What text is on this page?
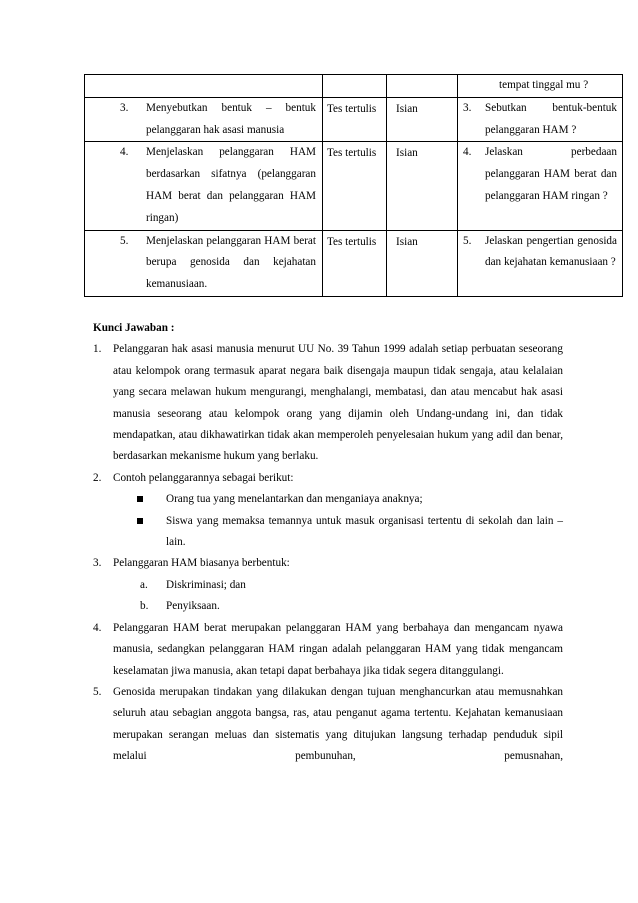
			tempat tinggal mu ?

3. Menyebutkan bentuk – bentuk pelanggaran hak asasi manusia	Tes tertulis	Isian	3. Sebutkan bentuk-bentuk pelanggaran HAM ?

4. Menjelaskan pelanggaran HAM berdasarkan sifatnya (pelanggaran HAM berat dan pelanggaran HAM ringan)	Tes tertulis	Isian	4. Jelaskan perbedaan pelanggaran HAM berat dan pelanggaran HAM ringan ?

5. Menjelaskan pelanggaran HAM berat berupa genosida dan kejahatan kemanusiaan.	Tes tertulis	Isian	5. Jelaskan pengertian genosida dan kejahatan kemanusiaan ?
Kunci Jawaban :
1.	Pelanggaran hak asasi manusia menurut UU No. 39 Tahun 1999 adalah setiap perbuatan seseorang atau kelompok orang termasuk aparat negara baik disengaja maupun tidak sengaja, atau kelalaian yang secara melawan hukum mengurangi, menghalangi, membatasi, dan atau mencabut hak asasi manusia seseorang atau kelompok orang yang dijamin oleh Undang-undang ini, dan tidak mendapatkan, atau dikhawatirkan tidak akan memperoleh penyelesaian hukum yang adil dan benar, berdasarkan mekanisme hukum yang berlaku.
2.	Contoh pelanggarannya sebagai berikut:
Orang tua yang menelantarkan dan menganiaya anaknya;
Siswa yang memaksa temannya untuk masuk organisasi tertentu di sekolah dan lain – lain.
3.	Pelanggaran HAM biasanya berbentuk:
a.	Diskriminasi; dan
b.	Penyiksaan.
4.	Pelanggaran HAM berat merupakan pelanggaran HAM yang berbahaya dan mengancam nyawa manusia, sedangkan pelanggaran HAM ringan adalah pelanggaran HAM yang tidak mengancam keselamatan jiwa manusia, akan tetapi dapat berbahaya jika tidak segera ditanggulangi.
5.	Genosida merupakan tindakan yang dilakukan dengan tujuan menghancurkan atau memusnahkan seluruh atau sebagian anggota bangsa, ras, atau penganut agama tertentu. Kejahatan kemanusiaan merupakan serangan meluas dan sistematis yang ditujukan langsung terhadap penduduk sipil melalui pembunuhan, pemusnahan,
